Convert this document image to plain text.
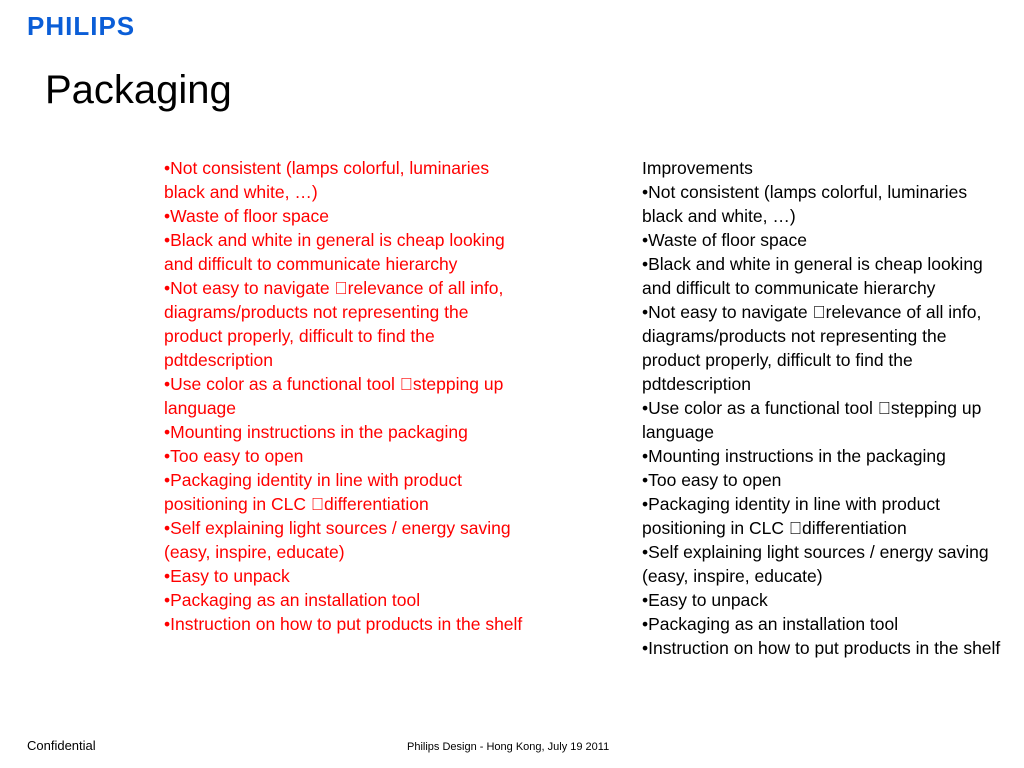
PHILIPS
Packaging
•Not consistent (lamps colorful, luminaries black and white, …)
•Waste of floor space
•Black and white in general is cheap looking and difficult to communicate hierarchy
•Not easy to navigate relevance of all info, diagrams/products not representing the product properly, difficult to find the pdtdescription
•Use color as a functional tool stepping up language
•Mounting instructions in the packaging
•Too easy to open
•Packaging identity in line with product positioning in CLC differentiation
•Self explaining light sources / energy saving (easy, inspire, educate)
•Easy to unpack
•Packaging as an installation tool
•Instruction on how to put products in the shelf
Improvements
•Not consistent (lamps colorful, luminaries black and white, …)
•Waste of floor space
•Black and white in general is cheap looking and difficult to communicate hierarchy
•Not easy to navigate relevance of all info, diagrams/products not representing the product properly, difficult to find the pdtdescription
•Use color as a functional tool stepping up language
•Mounting instructions in the packaging
•Too easy to open
•Packaging identity in line with product positioning in CLC differentiation
•Self explaining light sources / energy saving (easy, inspire, educate)
•Easy to unpack
•Packaging as an installation tool
•Instruction on how to put products in the shelf
Confidential	Philips Design - Hong Kong, July 19 2011
